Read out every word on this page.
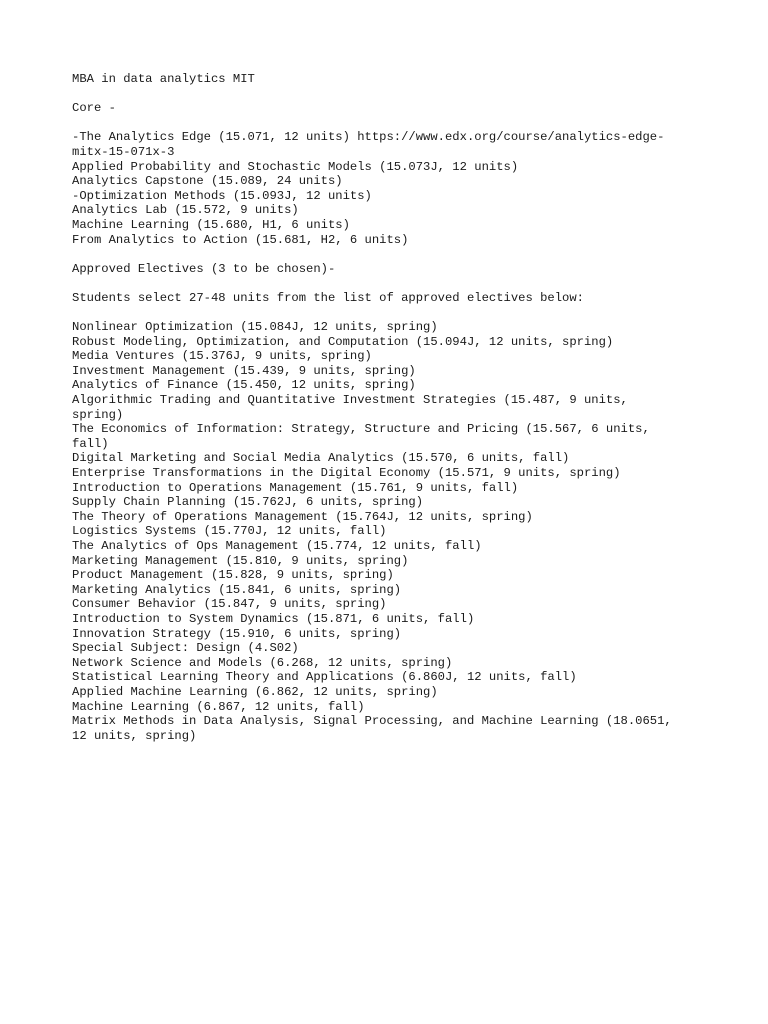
MBA in data analytics MIT
Core -
-The Analytics Edge (15.071, 12 units) https://www.edx.org/course/analytics-edge-
mitx-15-071x-3
Applied Probability and Stochastic Models (15.073J, 12 units)
Analytics Capstone (15.089, 24 units)
-Optimization Methods (15.093J, 12 units)
Analytics Lab (15.572, 9 units)
Machine Learning (15.680, H1, 6 units)
From Analytics to Action (15.681, H2, 6 units)
Approved Electives (3 to be chosen)-
Students select 27-48 units from the list of approved electives below:
Nonlinear Optimization (15.084J, 12 units, spring)
Robust Modeling, Optimization, and Computation (15.094J, 12 units, spring)
Media Ventures (15.376J, 9 units, spring)
Investment Management (15.439, 9 units, spring)
Analytics of Finance (15.450, 12 units, spring)
Algorithmic Trading and Quantitative Investment Strategies (15.487, 9 units,
spring)
The Economics of Information: Strategy, Structure and Pricing (15.567, 6 units,
fall)
Digital Marketing and Social Media Analytics (15.570, 6 units, fall)
Enterprise Transformations in the Digital Economy (15.571, 9 units, spring)
Introduction to Operations Management (15.761, 9 units, fall)
Supply Chain Planning (15.762J, 6 units, spring)
The Theory of Operations Management (15.764J, 12 units, spring)
Logistics Systems (15.770J, 12 units, fall)
The Analytics of Ops Management (15.774, 12 units, fall)
Marketing Management (15.810, 9 units, spring)
Product Management (15.828, 9 units, spring)
Marketing Analytics (15.841, 6 units, spring)
Consumer Behavior (15.847, 9 units, spring)
Introduction to System Dynamics (15.871, 6 units, fall)
Innovation Strategy (15.910, 6 units, spring)
Special Subject: Design (4.S02)
Network Science and Models (6.268, 12 units, spring)
Statistical Learning Theory and Applications (6.860J, 12 units, fall)
Applied Machine Learning (6.862, 12 units, spring)
Machine Learning (6.867, 12 units, fall)
Matrix Methods in Data Analysis, Signal Processing, and Machine Learning (18.0651,
12 units, spring)
